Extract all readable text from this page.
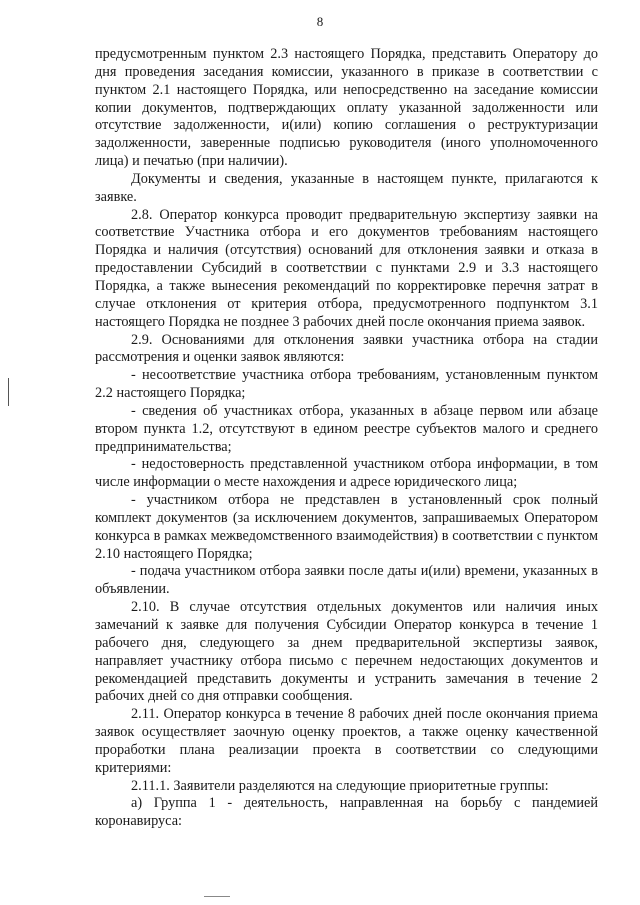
8

предусмотренным пунктом 2.3 настоящего Порядка, представить Оператору до дня проведения заседания комиссии, указанного в приказе в соответствии с пунктом 2.1 настоящего Порядка, или непосредственно на заседание комиссии копии документов, подтверждающих оплату указанной задолженности или отсутствие задолженности, и(или) копию соглашения о реструктуризации задолженности, заверенные подписью руководителя (иного уполномоченного лица) и печатью (при наличии).

Документы и сведения, указанные в настоящем пункте, прилагаются к заявке.

2.8. Оператор конкурса проводит предварительную экспертизу заявки на соответствие Участника отбора и его документов требованиям настоящего Порядка и наличия (отсутствия) оснований для отклонения заявки и отказа в предоставлении Субсидий в соответствии с пунктами 2.9 и 3.3 настоящего Порядка, а также вынесения рекомендаций по корректировке перечня затрат в случае отклонения от критерия отбора, предусмотренного подпунктом 3.1 настоящего Порядка не позднее 3 рабочих дней после окончания приема заявок.

2.9. Основаниями для отклонения заявки участника отбора на стадии рассмотрения и оценки заявок являются:

- несоответствие участника отбора требованиям, установленным пунктом 2.2 настоящего Порядка;

- сведения об участниках отбора, указанных в абзаце первом или абзаце втором пункта 1.2, отсутствуют в едином реестре субъектов малого и среднего предпринимательства;

- недостоверность представленной участником отбора информации, в том числе информации о месте нахождения и адресе юридического лица;

- участником отбора не представлен в установленный срок полный комплект документов (за исключением документов, запрашиваемых Оператором конкурса в рамках межведомственного взаимодействия) в соответствии с пунктом 2.10 настоящего Порядка;

- подача участником отбора заявки после даты и(или) времени, указанных в объявлении.

2.10. В случае отсутствия отдельных документов или наличия иных замечаний к заявке для получения Субсидии Оператор конкурса в течение 1 рабочего дня, следующего за днем предварительной экспертизы заявок, направляет участнику отбора письмо с перечнем недостающих документов и рекомендацией представить документы и устранить замечания в течение 2 рабочих дней со дня отправки сообщения.

2.11. Оператор конкурса в течение 8 рабочих дней после окончания приема заявок осуществляет заочную оценку проектов, а также оценку качественной проработки плана реализации проекта в соответствии со следующими критериями:

2.11.1. Заявители разделяются на следующие приоритетные группы:

а) Группа 1 - деятельность, направленная на борьбу с пандемией коронавируса:
